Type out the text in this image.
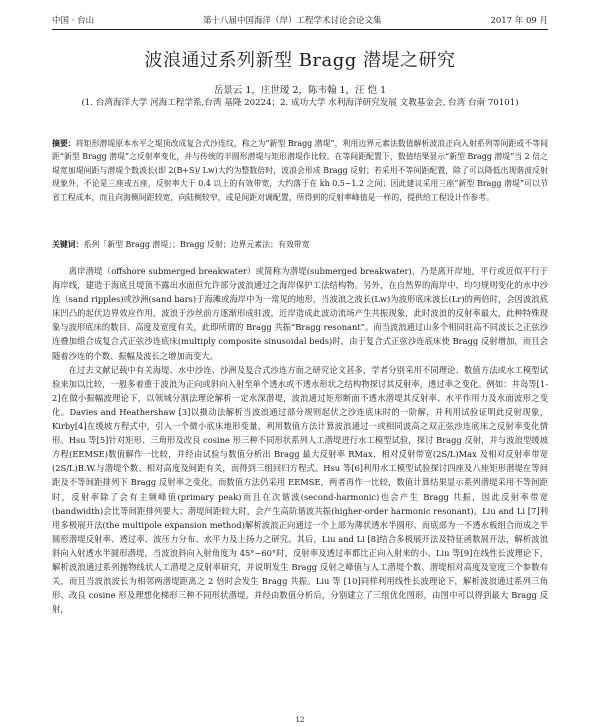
中国 · 台山	第十八届中国海洋（岸）工程学术讨论会论文集	2017 年 09 月
波浪通过系列新型 Bragg 潜堤之研究
岳景云 1，庄世瑷 2，陈韦翰 1，汪 恺 1
(1. 台湾海洋大学 河海工程学系,台湾 基隆 20224；2. 成功大学 水利海洋研究发展 文教基金会, 台湾 台南 70101)
摘要：将矩形潜堤原本水平之堤顶改成复合式沙连纹，称之为“新型 Bragg 潜堤”，利用边界元素法数值解析波浪正向入射系列等间距或不等间距“新型 Bragg 潜堤”之反射率变化，并与传统的半圆形潜堤与矩形潜堤作比较。在等间距配置下，数值结果显示“新型 Bragg 潜堤”当 2 倍之堤宽加堤间距与潜堤个数波长(即 2(B+S)/ Lw)大约为整数倍时，波浪会形成 Bragg 反射；若采用不等间距配置，除了可以降低出现谐波反射现象外，不论是三座或五座，反射率大于 0.4 以上的有效带宽，大约落于在 kh 0.5~1.2 之间；因此建议采用三座“新型 Bragg 潜堤”可以节省工程成本，而且向海侧间距较宽，向陆侧较窄，或是间距对调配置，所得到的反射率峰值是一样的，提供给工程设计作参考。
关键词：系列「新型 Bragg 潜堤」；Bragg 反射；边界元素法；有效带宽

离岸潜堤（offshore submerged breakwater）或简称为潜堤(submerged breakwater)，乃是离开岸地，平行或近似平行于海岸线，建造于海底且堤顶不露出水面但允许部分波浪通过之海岸保护工法结构物。另外，在自然界的海岸中，均匀规则变化的水中沙连（sand ripples)或沙洲(sand bars)于海滩或海岸中为一常见的地形，当波浪之波长(Lw)为波形底床波长(Lr)的两倍时，会因波浪底床凹凸的起伏边界效应作用，波浪于沙丝前方逐渐形成驻波，近岸造成此波动流场产生共振现象，此时波浪的反射率最大，此种特殊现象与波形底床的数目、高度及宽度有关，此即所谓的 Bragg 共振“Bragg resonant”。而当波浪通过山多个相同驻高不同波长之正弦沙连叠加组合成复合式正弦沙连底床(multiply composite sinusoidal beds)时，由于复合式正弦沙连底床使 Bragg 反射增加，而且会随着沙连的个数、振幅及波长之增加而变大。

在过去文献记载中有关海堤、水中沙连、沙洲及复合式沙连方面之研究论文甚多，学者分别采用不同理论、数值方法或水工模型试验来加以比较，一般多着重于波浪为正向或斜向入射至单个透水或不透水形状之结构物探讨其反射率，透过率之变化。例如：井岛等[1-2]在做小振幅波理论下，以领域分割法理论解析一定水深潜堤，波浪通过矩形断面不透水潜堤其反射率、水平作用力及水面波形之变化。Davies and Heathershaw [3]以摄动法解析当波浪通过部分规则起伏之沙连底床时的一阶解，并利用试验证明此反射现象，Kirby[4]在缓坡方程式中，引入一个微小底床地形变量，利用数值方法计算波浪通过一或相同波高之双正弦沙连底床之反射率变化情形。Hsu 等[5]针对矩形、三角形及改良 cosine 形三种不同形状系列人工潜堤进行水工模型试验，探讨 Bragg 反射，并与波浪型缓坡方程(EEMSE)数值解作一比较，并经由试验与数值分析出 Bragg 最大反射率 RMax、相对反射带宽(2S/L)Max 及相对反射率带宽(2S/L)B.W.与潜堤个数、相对高度及间距有关，而得到三组回归方程式。Hsu 等[6]利用水工模型试验探讨四座及八座矩形潜堤在等间距及不等间距排列下 Bragg 反射率之变化，而数值方法仍采用 EEMSE，两者再作一比较，数值计算结果显示系列潜堤采用不等间距时，反射率除了会有主频峰值(primary peak)而且在次谐波(second-harmonic)也会产生 Bragg 共振，因此反射率带宽(bandwidth)会比等间距排列要大；潜堤间距较大时，会产生高阶谐波共振(higher-order harmonic resonant)。Liu and Li [7]利用多极展开法(the multipole expansion method)解析波浪正向通过一个上部为薄状透水半圆形、而底部为一不透水板组合而成之半圆形潜堤反射率、透过率、波压力分布、水平力及上扬力之研究。其后，Liu and Li [8]结合多极展开法及特征函数展开法，解析波浪斜向入射透水半圆形潜堤，当波浪斜向入射角度为 45°~60°时，反射率及透过率都比正向入射来的小。Liu 等[9]在线性长波理论下，解析波浪通过系列抛物线状人工潜堤之反射率研究，并说明发生 Bragg 反射之峰值与人工潜堤个数、潜堤相对高度及宽度三个参数有关，而且当波浪波长为相邻两潜堤距离之 2 倍时会发生 Bragg 共振。Liu 等 [10]同样利用线性长波理论下，解析波浪通过系列三角形、改良 cosine 形及理想化梯形三种不同形状潜堤。并经由数值分析后，分别建立了三组优化图形，由图中可以得到最大 Bragg 反射，

12
